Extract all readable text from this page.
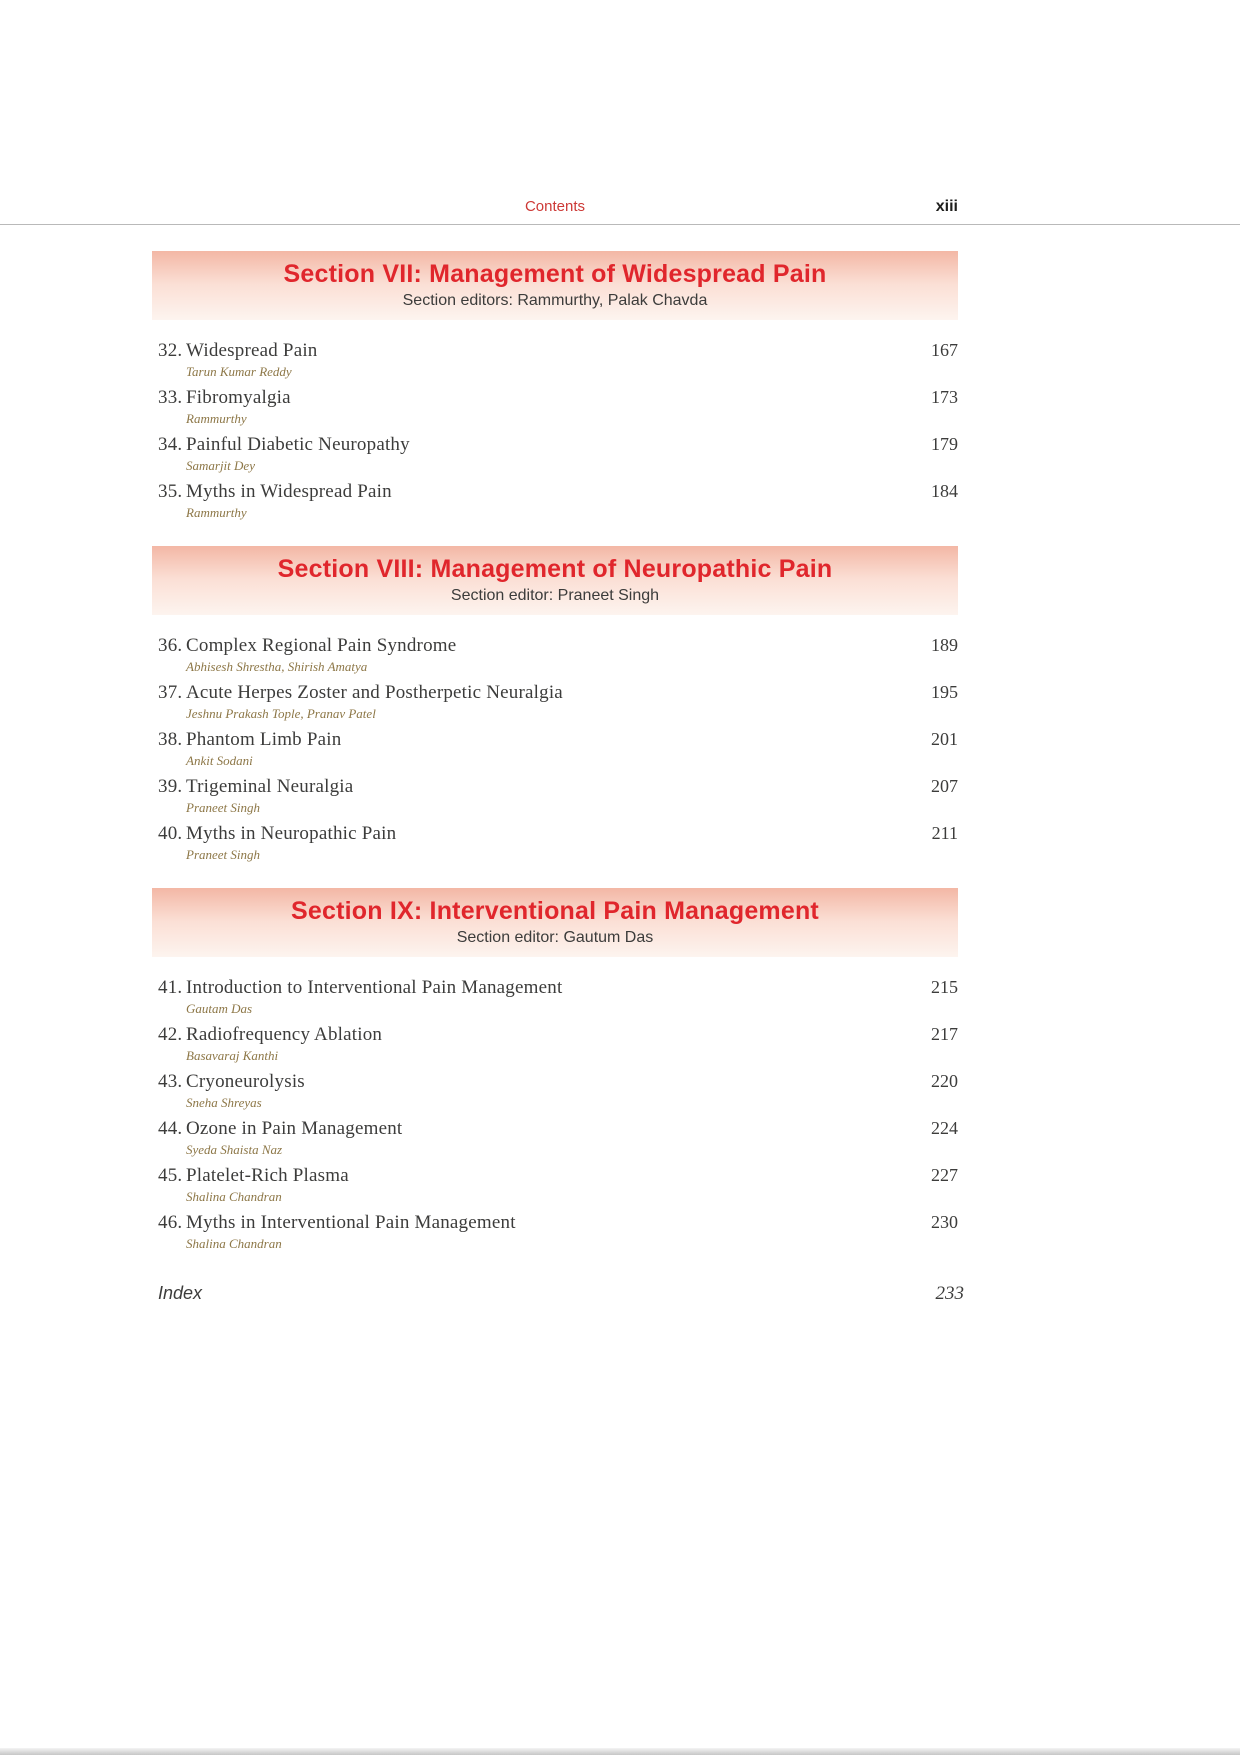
Contents	xiii
Section VII: Management of Widespread Pain
Section editors: Rammurthy, Palak Chavda
32. Widespread Pain
Tarun Kumar Reddy
167
33. Fibromyalgia
Rammurthy
173
34. Painful Diabetic Neuropathy
Samarjit Dey
179
35. Myths in Widespread Pain
Rammurthy
184
Section VIII: Management of Neuropathic Pain
Section editor: Praneet Singh
36. Complex Regional Pain Syndrome
Abhisesh Shrestha, Shirish Amatya
189
37. Acute Herpes Zoster and Postherpetic Neuralgia
Jeshnu Prakash Tople, Pranav Patel
195
38. Phantom Limb Pain
Ankit Sodani
201
39. Trigeminal Neuralgia
Praneet Singh
207
40. Myths in Neuropathic Pain
Praneet Singh
211
Section IX: Interventional Pain Management
Section editor: Gautum Das
41. Introduction to Interventional Pain Management
Gautam Das
215
42. Radiofrequency Ablation
Basavaraj Kanthi
217
43. Cryoneurolysis
Sneha Shreyas
220
44. Ozone in Pain Management
Syeda Shaista Naz
224
45. Platelet-Rich Plasma
Shalina Chandran
227
46. Myths in Interventional Pain Management
Shalina Chandran
230
Index	233
